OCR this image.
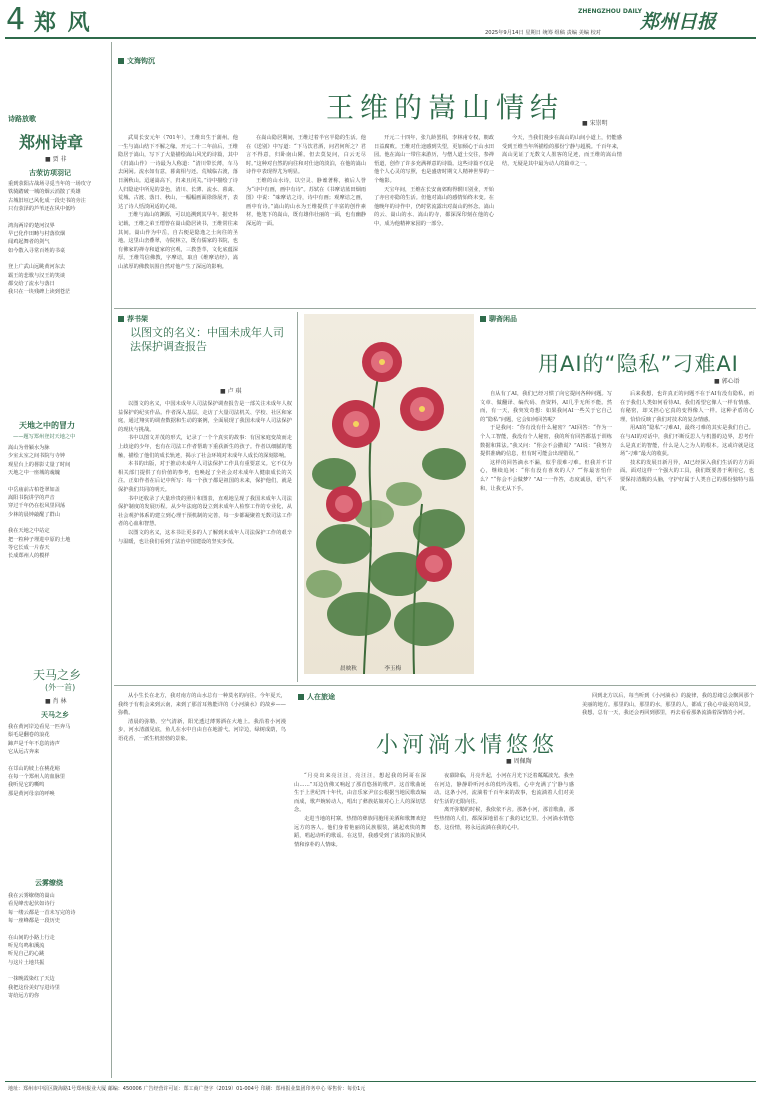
4 郑 风	ZHENGZHOU DAILY
郑州日报
2025年9月14日 星期日 统筹 组稿 责编 美编 校对
诗路放歌
郑州诗章
■ 贾 非
古荥访项羽记
重到荥阳古战场寻觅当年的一场攻守
铁骑踏破一城的烟云消散了英雄
古城旧垣已风化成一段史书的旁注
只有荥泽的芦苇还在风中低吟
鸿沟两岸的楚河汉界
早已化作田畴与村落炊烟
闻鸡起舞者的剑气
如今散入寻常百姓的书桌
登上广武山远眺黄河东去
霸王的悲歌与汉王的笑谈
都交给了流水与落日
我只在一块残碑上读到苍茫
天地之中的冒力
——题写郑州登封天地之中
嵩山为骨颍水为脉
少室太室之间书院与寺钟
观星台上的晷影丈量了时间
天地之中一座城的魂魄
中岳庙前古柏苍翠如盖
嵩阳书院讲学的声音
穿过千年仍在松风里回荡
少林的晨钟敲醒了群山
我在天地之中站定
把一粒种子埋进中原的土地
等它长成一片春天
长成郑州人的模样
天马之乡
(外一首)
■ 肖 林
天马之乡
我在黄河岸边看见一匹奔马
鬃毛是翻卷的浪花
蹄声是千年不息的涛声
它从远古奔来
在邙山的坡上在桃花峪
在每一个郑州人的血脉里
我听见它的嘶鸣
那是黄河母亲的呼唤
云雾缭绕
我在云雾缭绕的嵩山
看见峰峦起伏如诗行
每一缕云都是一首未写完的诗
每一座峰都是一段历史
在山间的小路上行走
听见鸟鸣和溪流
听见自己的心跳
与这片土地共振
一抹晚霞染红了天边
我把这份美好写进诗里
寄给远方的你
文海钩沉
王维的嵩山情结	■ 宋崇明

武周长安元年（701年），王维出生于蒲州。他一生与嵩山结下不解之缘。开元二十二年前后，王维隐居于嵩山，写下了大量描绘嵩山风光的诗篇，其中《归嵩山作》一诗最为人称道：“清川带长薄，车马去闲闲。流水如有意，暮禽相与还。荒城临古渡，落日满秋山。迢递嵩高下，归来且闭关。”诗中描绘了诗人归隐途中所见的景色，清川、长薄、流水、暮禽、荒城、古渡、落日、秋山，一幅幅画面徐徐展开，表达了诗人恬淡闲适的心境。

王维与嵩山的渊源，可以追溯到其早年。据史料记载，王维之弟王缙曾在嵩山隐居读书，王维常往来其间。嵩山作为中岳，自古便是隐逸之士向往的圣地。这里山峦叠翠，寺院林立，既有儒家的书院，也有佛家的禅寺和道家的宫观，三教荟萃，文化底蕴深厚。王维笃信佛教，字摩诘，取自《维摩诘经》，嵩山浓厚的佛教氛围自然对他产生了深远的影响。

在嵩山隐居期间，王维过着半官半隐的生活。他在《送别》中写道：“下马饮君酒，问君何所之？君言不得意，归卧南山陲。但去莫复问，白云无尽时。”这种对自然的向往和对仕途的淡泊，在他的嵩山诗作中表现得尤为明显。

王维的山水诗，以空灵、静谧著称，被后人誉为“诗中有画，画中有诗”。苏轼在《书摩诘蓝田烟雨图》中说：“味摩诘之诗，诗中有画；观摩诘之画，画中有诗。”嵩山的山水为王维提供了丰富的创作素材，他笔下的嵩山，既有雄伟壮丽的一面，也有幽静深远的一面。

开元二十四年，张九龄罢相，李林甫专权，朝政日益腐败。王维对仕途感到失望，更加倾心于山水田园。他在嵩山一带往来游历，与僧人道士交往，参禅悟道，创作了许多充满禅意的诗篇。这些诗篇不仅是他个人心灵的写照，也是盛唐时期文人精神世界的一个缩影。

天宝年间，王维在长安南郊购得辋川别业，开始了亦官亦隐的生活。但他对嵩山的感情始终未变。在他晚年的诗作中，仍时常流露出对嵩山的怀念。嵩山的云、嵩山的水、嵩山的寺，都深深印刻在他的心中，成为他精神家园的一部分。

今天，当我们漫步在嵩山的山间小道上，仍能感受到王维当年所描绘的那份宁静与超脱。千百年来，嵩山见证了无数文人墨客的足迹，而王维的嵩山情结，无疑是其中最为动人的篇章之一。

荐书架
以图文的名义：中国未成年人司法保护调查报告
■ 卢 琪

以图文的名义，中国未成年人司法保护调查报告是一部关注未成年人权益保护的纪实作品。作者深入基层，走访了大量司法机关、学校、社区和家庭，通过翔实的调查数据和生动的案例，全面展现了我国未成年人司法保护的现状与挑战。

书中以图文并茂的形式，记录了一个个真实的故事：有因家庭变故而走上歧途的少年，也有在司法工作者帮助下重获新生的孩子。作者以细腻的笔触，描绘了他们的成长轨迹，揭示了社会环境对未成年人成长的深刻影响。

本书的出版，对于推动未成年人司法保护工作具有重要意义。它不仅为相关部门提供了有价值的参考，也唤起了全社会对未成年人健康成长的关注。正如作者在后记中所写：每一个孩子都是祖国的未来，保护他们，就是保护我们共同的明天。

书中还收录了大量珍贵的照片和图表，直观地呈现了我国未成年人司法保护制度的发展历程。从少年法庭的设立到未成年人检察工作的专业化，从社会观护体系的建立到心理干预机制的完善，每一步都凝聚着无数司法工作者的心血和智慧。

以图文的名义，这本书让更多的人了解到未成年人司法保护工作的艰辛与温暖，也让我们看到了法治中国建设的坚实步伐。

晨映秋	李玉梅
聊斋闲品
用AI的“隐私”刁难AI
■ 郭心语

自从有了AI，我们已经习惯了向它提问各种问题。写文章、做翻译、编代码、查资料，AI几乎无所不能。然而，有一天，我突发奇想：如果我问AI一些关于它自己的“隐私”问题，它会如何回答呢？

于是我问：“你有没有什么秘密？”AI回答：“作为一个人工智能，我没有个人秘密，我的所有回答都基于训练数据和算法。”我又问：“你会不会撒谎？”AI说：“我努力提供准确的信息，但有时可能会出现错误。”

这样的回答滴水不漏，似乎很难刁难。但我并不甘心，继续追问：“你有没有喜欢的人？”“你最害怕什么？”“你会不会做梦？”AI一一作答，态度诚恳，语气平和，让我无从下手。

后来我想，也许真正的问题不在于AI有没有隐私，而在于我们人类如何看待AI。我们希望它像人一样有情感、有秘密，却又担心它真的变得像人一样。这种矛盾的心理，恰恰反映了我们对技术的复杂情感。

用AI的“隐私”刁难AI，最终刁难的其实是我们自己。在与AI的对话中，我们不断反思人与机器的边界，思考什么是真正的智能，什么是人之为人的根本。这或许就是这场“刁难”最大的收获。

技术的发展日新月异，AI已经深入我们生活的方方面面。面对这样一个强大的工具，我们既要善于利用它，也要保持清醒的头脑，守护好属于人类自己的那份独特与温度。

人在旅途
小河淌水情悠悠
■ 周佩陶

从小生长在北方，我对南方的山水总有一种莫名的向往。今年夏天，我终于有机会来到云南，来到了那首耳熟能详的《小河淌水》的故乡——弥勒。

清晨的弥勒，空气清新，阳光透过薄雾洒在大地上。我沿着小河漫步，河水清澈见底，鱼儿在水中自由自在地游弋。河岸边，绿树成荫，鸟语花香，一派生机勃勃的景象。

“月亮出来亮汪汪，亮汪汪，想起我的阿哥在深山……”耳边仿佛又响起了那首悠扬的歌声。这首歌曲诞生于上世纪四十年代，由音乐家尹宜公根据当地民歌改编而成，歌声婉转动人，唱出了彝族姑娘对心上人的深切思念。

走进当地的村寨，热情的彝族同胞用美酒和歌舞欢迎远方的客人。他们身着艳丽的民族服装，跳起欢快的舞蹈，唱起动听的歌谣。在这里，我感受到了浓浓的民族风情和淳朴的人情味。

夜幕降临，月亮升起，小河在月光下泛着粼粼波光。我坐在河边，静静聆听河水的低吟浅唱，心中充满了宁静与感动。这条小河，流淌着千百年来的故事，也流淌着人们对美好生活的无限向往。

离开弥勒的时候，我依依不舍。那条小河，那首歌曲，那些热情的人们，都深深地留在了我的记忆里。小河淌水情悠悠，这份情，将永远流淌在我的心中。

回到北方以后，每当听到《小河淌水》的旋律，我的思绪总会飘回那个美丽的地方。那里的山，那里的水，那里的人，都成了我心中最美的风景。我想，总有一天，我还会再回到那里，再去看看那条流淌着深情的小河。

地址：郑州市中原区陇海路1号郑州报业大厦 邮编：450006 广告经营许可证：郑工商广登字（2019）01-004号 印刷：郑州报业集团印务中心 零售价：每份1元
